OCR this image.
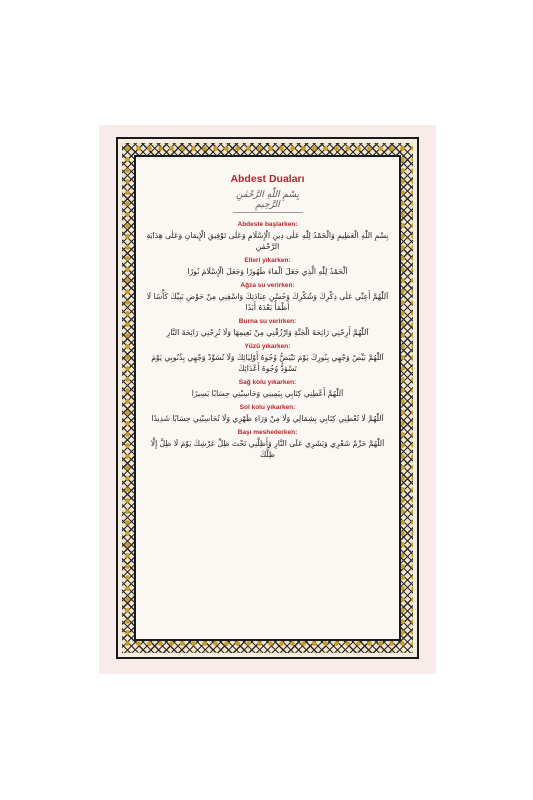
Abdest Duaları
بِسْمِ اللّٰهِ الرَّحْمٰنِ الرَّحِيمِ
Abdeste başlarken:
بِسْمِ اللّٰهِ الْعَظِيمِ وَالْحَمْدُ لِلّٰهِ عَلٰى دِينِ الْإِسْلَامِ وَعَلٰى تَوْفِيقِ الْإِيمَانِ وَعَلٰى هِدَايَةِ الرَّحْمٰنِ
Elleri yıkarken:
اَلْحَمْدُ لِلّٰهِ الَّذِي جَعَلَ الْمَاءَ طَهُورًا وَجَعَلَ الْإِسْلَامَ نُورًا
Ağza su verirken:
اَللّٰهُمَّ أَعِنِّي عَلٰى ذِكْرِكَ وَشُكْرِكَ وَحُسْنِ عِبَادَتِكَ وَاسْقِنِي مِنْ حَوْضِ نَبِيِّكَ كَأْسًا لَا أَظْمَأُ بَعْدَهُ أَبَدًا
Burna su verirken:
اَللّٰهُمَّ أَرِحْنِي رَائِحَةَ الْجَنَّةِ وَارْزُقْنِي مِنْ نَعِيمِهَا وَلَا تُرِحْنِي رَائِحَةَ النَّارِ
Yüzü yıkarken:
اَللّٰهُمَّ بَيِّضْ وَجْهِي بِنُورِكَ يَوْمَ تَبْيَضُّ وُجُوهُ أَوْلِيَائِكَ وَلَا تُسَوِّدْ وَجْهِي بِذُنُوبِي يَوْمَ تَسْوَدُّ وُجُوهُ أَعْدَائِكَ
Sağ kolu yıkarken:
اَللّٰهُمَّ أَعْطِنِي كِتَابِي بِيَمِينِي وَحَاسِبْنِي حِسَابًا يَسِيرًا
Sol kolu yıkarken:
اَللّٰهُمَّ لَا تُعْطِنِي كِتَابِي بِشِمَالِي وَلَا مِنْ وَرَاءِ ظَهْرِي وَلَا تُحَاسِبْنِي حِسَابًا شَدِيدًا
Başı meshederken:
اَللّٰهُمَّ حَرِّمْ شَعْرِي وَبَشَرِي عَلَى النَّارِ وَأَظِلَّنِي تَحْتَ ظِلِّ عَرْشِكَ يَوْمَ لَا ظِلَّ إِلَّا ظِلُّكَ
